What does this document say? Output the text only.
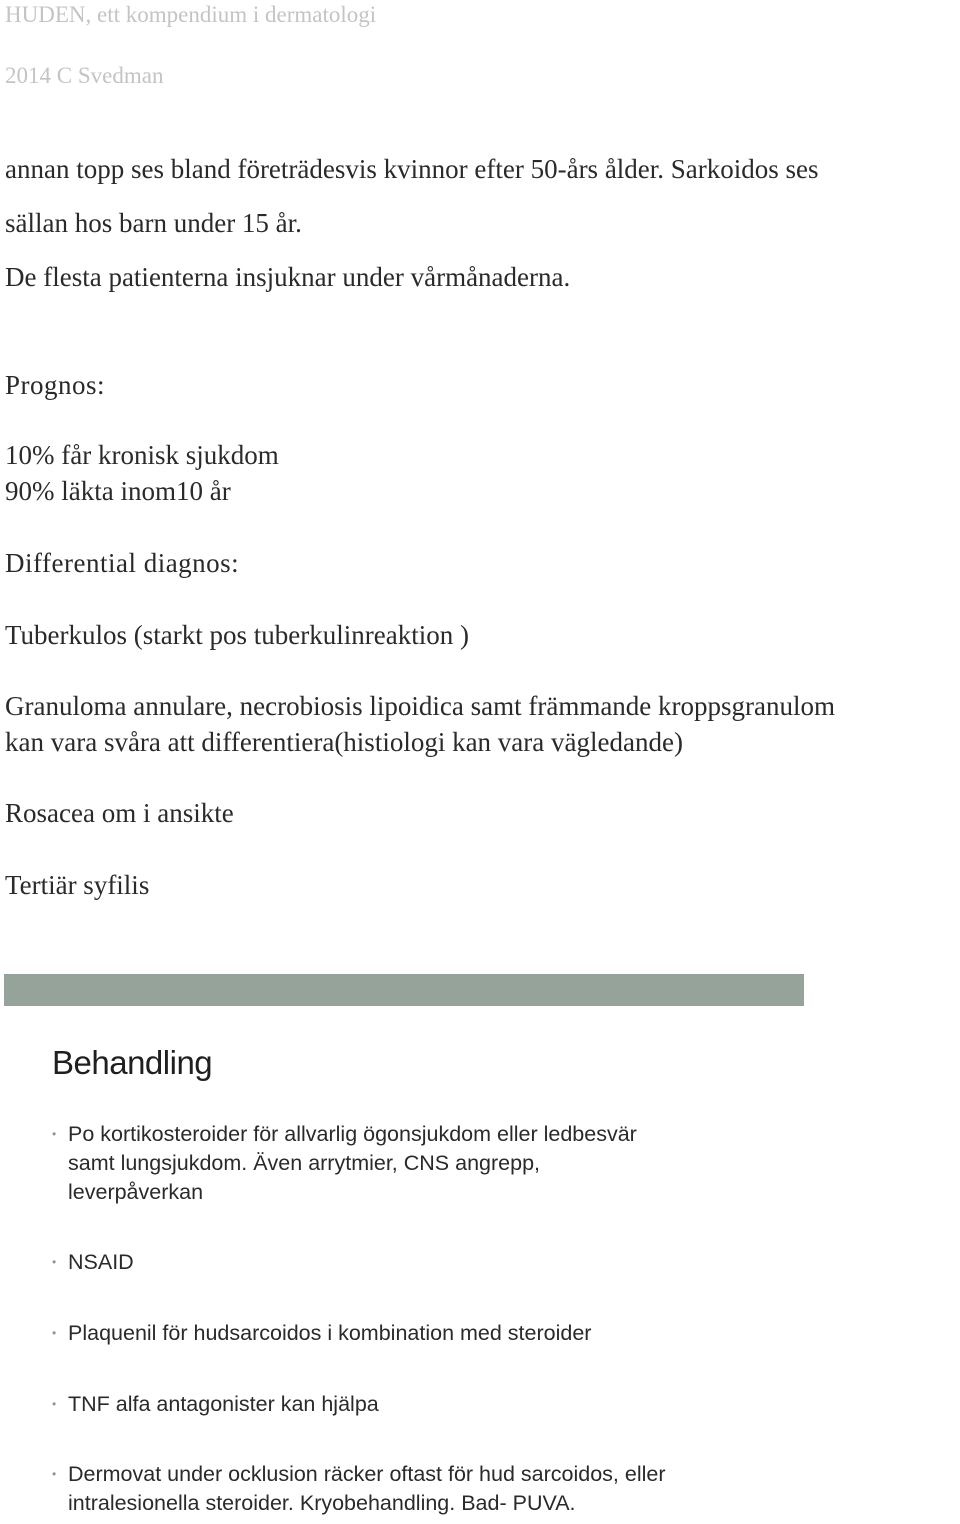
HUDEN, ett kompendium i dermatologi
2014 C Svedman
annan topp ses bland företrädesvis kvinnor efter 50-års ålder. Sarkoidos ses
sällan hos barn under 15 år.
De flesta patienterna insjuknar under vårmånaderna.
Prognos:
10% får kronisk sjukdom
90% läkta inom10 år
Differential diagnos:
Tuberkulos (starkt pos tuberkulinreaktion )
Granuloma annulare, necrobiosis lipoidica samt främmande kroppsgranulom
kan vara svåra att differentiera(histiologi kan vara vägledande)
Rosacea om i ansikte
Tertiär syfilis
Behandling
• Po kortikosteroider för allvarlig ögonsjukdom eller ledbesvär
samt lungsjukdom. Även arrytmier, CNS angrepp,
leverpåverkan
• NSAID
• Plaquenil för hudsarcoidos i kombination med steroider
• TNF alfa antagonister kan hjälpa
• Dermovat under ocklusion räcker oftast för hud sarcoidos, eller
intralesionella steroider. Kryobehandling. Bad- PUVA.
